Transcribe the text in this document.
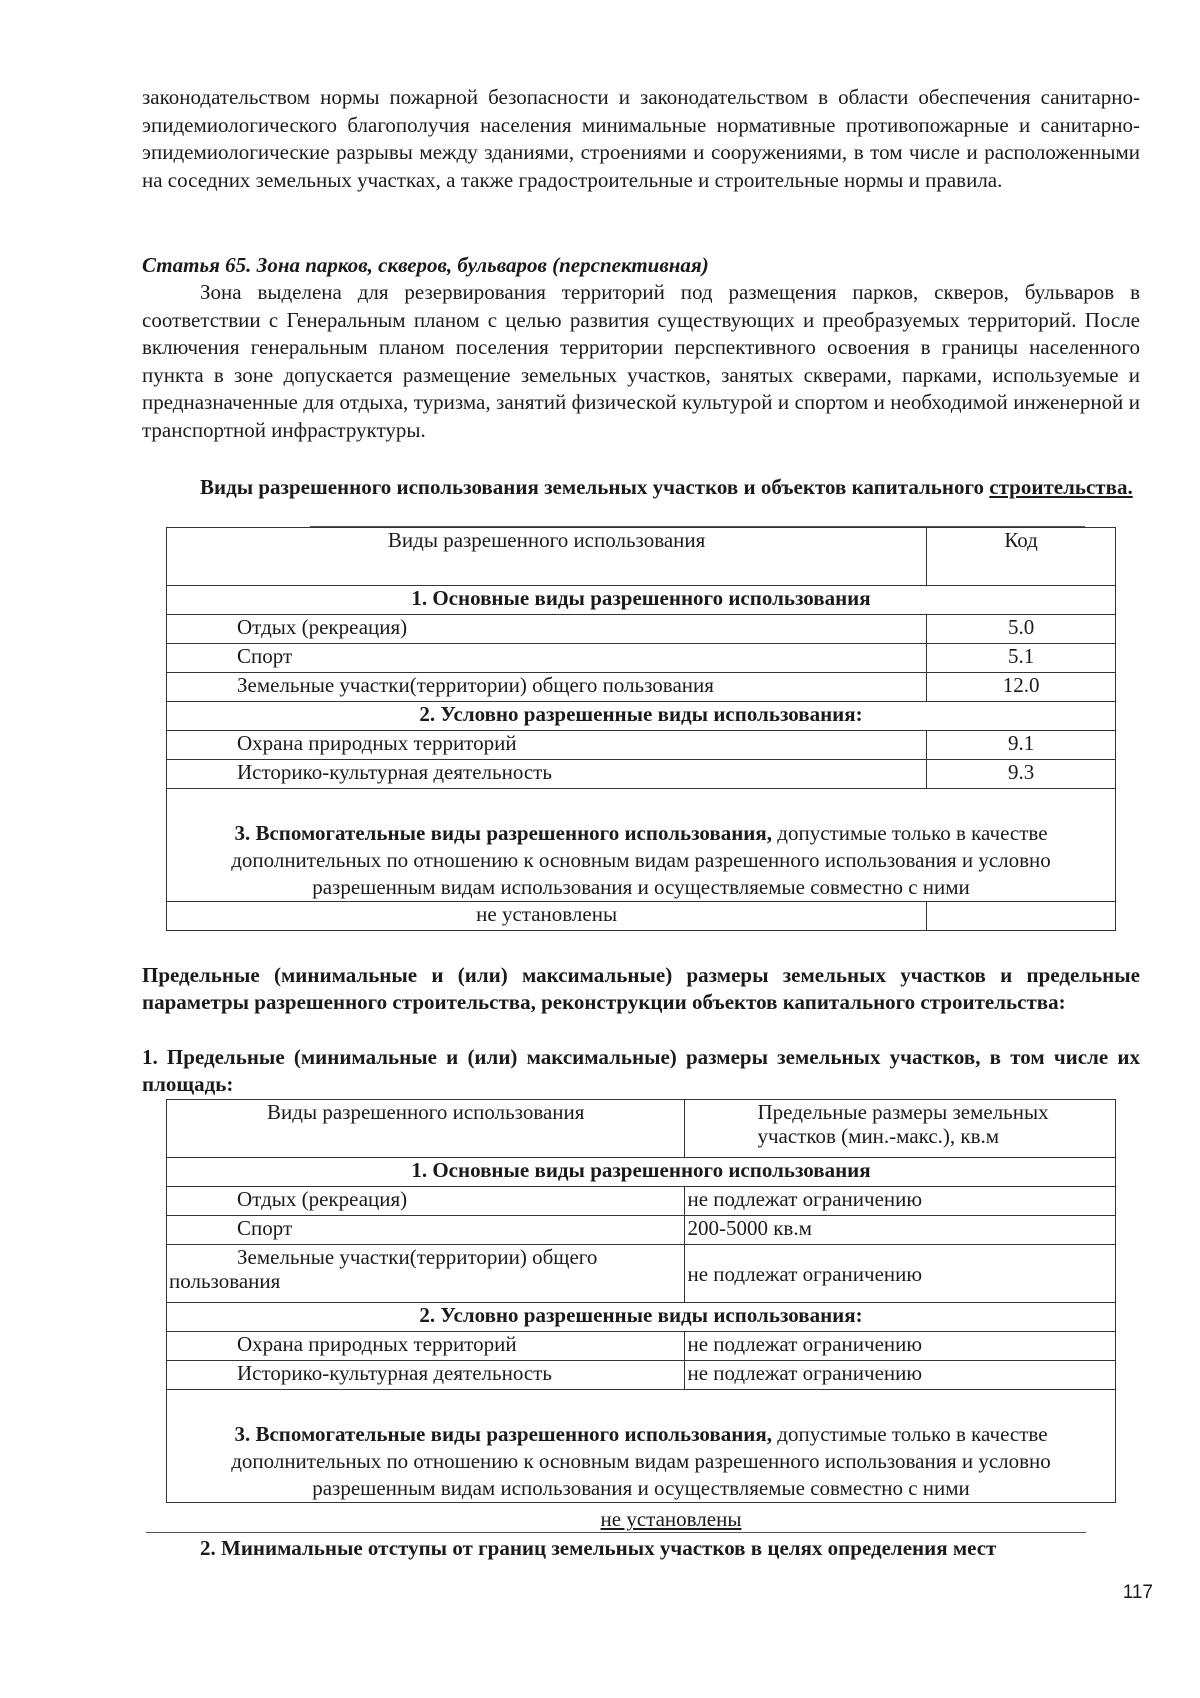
законодательством нормы пожарной безопасности и законодательством в области обеспечения санитарно-эпидемиологического благополучия населения минимальные нормативные противопожарные и санитарно-эпидемиологические разрывы между зданиями, строениями и сооружениями, в том числе и расположенными на соседних земельных участках, а также градостроительные и строительные нормы и правила.
Статья 65. Зона парков, скверов, бульваров (перспективная)
Зона выделена для резервирования территорий под размещения парков, скверов, бульваров в соответствии с Генеральным планом с целью развития существующих и преобразуемых территорий. После включения генеральным планом поселения территории перспективного освоения в границы населенного пункта в зоне допускается размещение земельных участков, занятых скверами, парками, используемые и предназначенные для отдыха, туризма, занятий физической культурой и спортом и необходимой инженерной и транспортной инфраструктуры.
Виды разрешенного использования земельных участков и объектов капитального строительства.
Виды разрешенного использования	Код
1. Основные виды разрешенного использования	
Отдых (рекреация)	5.0
Спорт	5.1
Земельные участки(территории) общего пользования	12.0
2. Условно разрешенные виды использования:	
Охрана природных территорий	9.1
Историко-культурная деятельность	9.3
3. Вспомогательные виды разрешенного использования, допустимые только в качестве дополнительных по отношению к основным видам разрешенного использования и условно разрешенным видам использования и осуществляемые совместно с ними	
не установлены	
Предельные (минимальные и (или) максимальные) размеры земельных участков и предельные параметры разрешенного строительства, реконструкции объектов капитального строительства:
1. Предельные (минимальные и (или) максимальные) размеры земельных участков, в том числе их площадь:
Виды разрешенного использования	Предельные размеры земельных участков (мин.-макс.), кв.м
1. Основные виды разрешенного использования	
Отдых (рекреация)	не подлежат ограничению
Спорт	200-5000 кв.м

Земельные участки(территории) общего
пользования	не подлежат ограничению
2. Условно разрешенные виды использования:	
Охрана природных территорий	не подлежат ограничению
Историко-культурная деятельность	не подлежат ограничению
3. Вспомогательные виды разрешенного использования, допустимые только в качестве дополнительных по отношению к основным видам разрешенного использования и условно разрешенным видам использования и осуществляемые совместно с ними	
не установлены
2. Минимальные отступы от границ земельных участков в целях определения мест
117
